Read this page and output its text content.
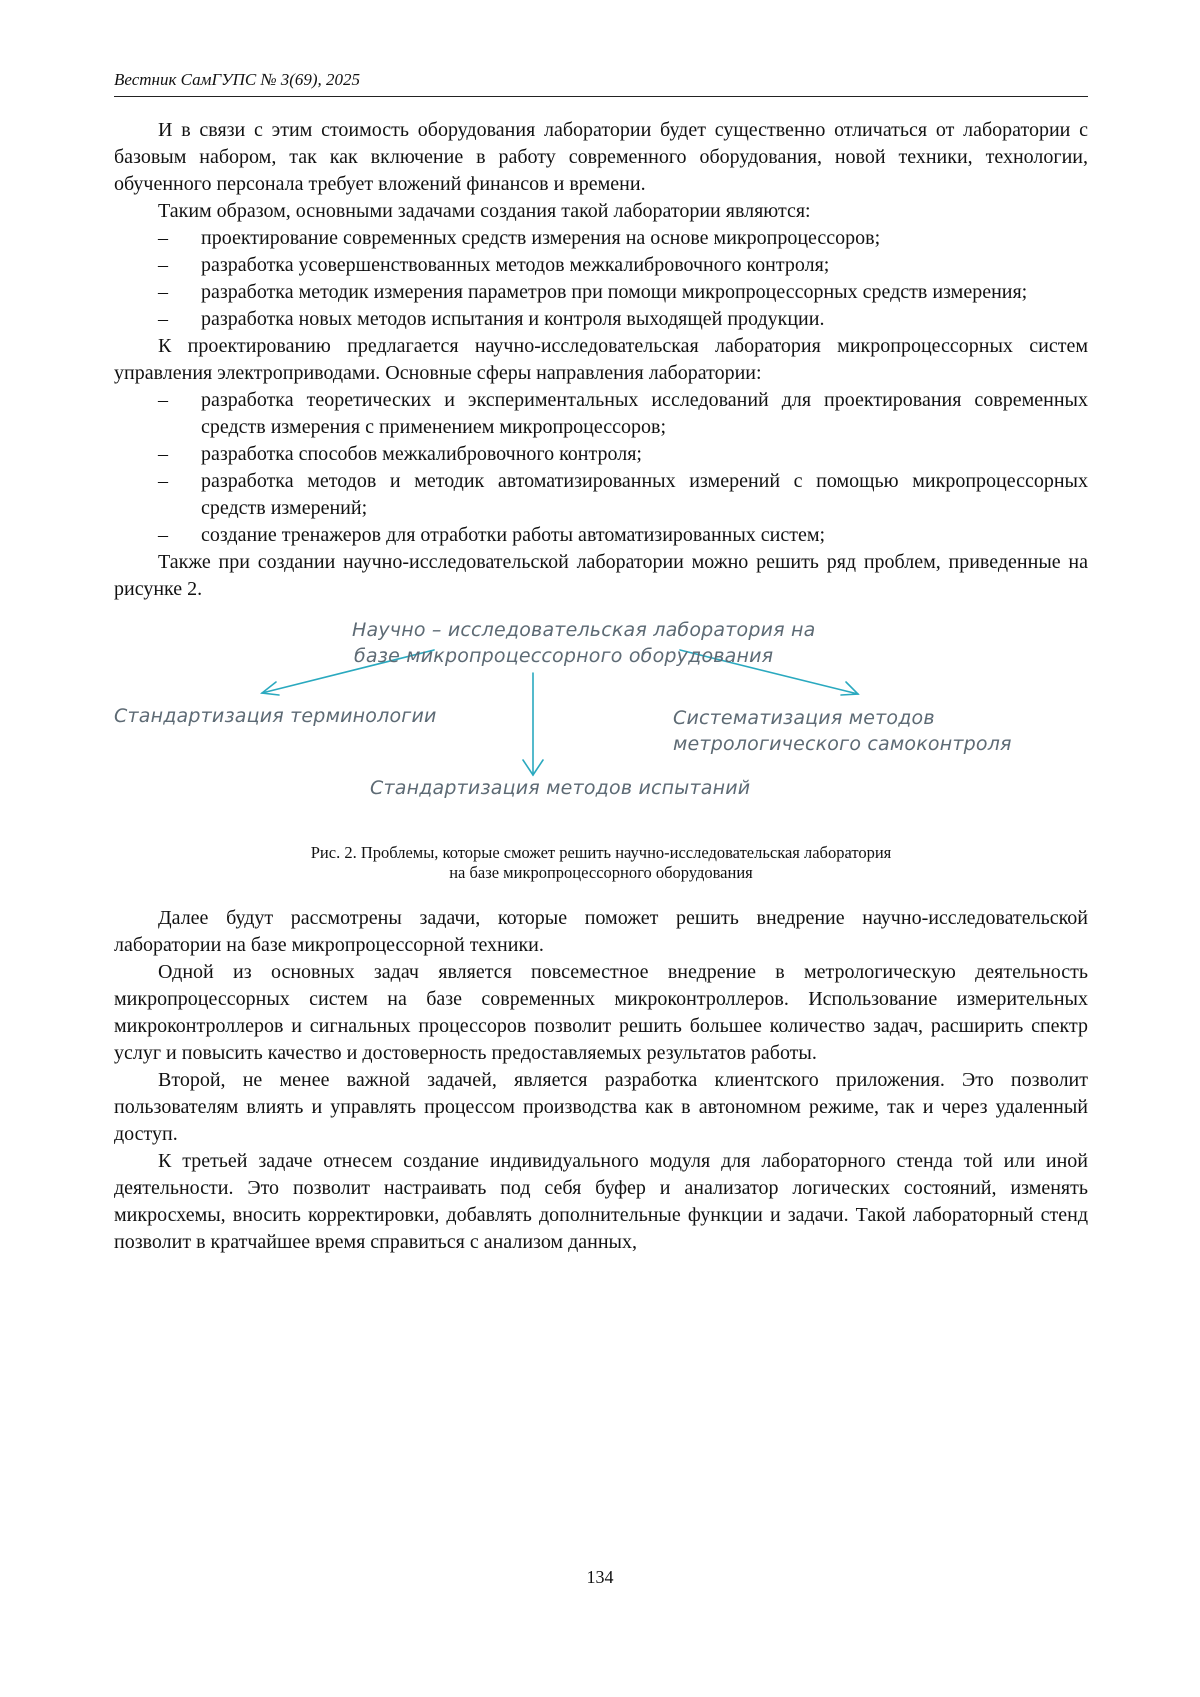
Вестник СамГУПС № 3(69), 2025

И в связи с этим стоимость оборудования лаборатории будет существенно отличаться от лаборатории с базовым набором, так как включение в работу современного оборудования, новой техники, технологии, обученного персонала требует вложений финансов и времени.

Таким образом, основными задачами создания такой лаборатории являются:

– проектирование современных средств измерения на основе микропроцессоров;
– разработка усовершенствованных методов межкалибровочного контроля;
– разработка методик измерения параметров при помощи микропроцессорных средств измерения;
– разработка новых методов испытания и контроля выходящей продукции.

К проектированию предлагается научно-исследовательская лаборатория микропроцессорных систем управления электроприводами. Основные сферы направления лаборатории:

– разработка теоретических и экспериментальных исследований для проектирования современных средств измерения с применением микропроцессоров;
– разработка способов межкалибровочного контроля;
– разработка методов и методик автоматизированных измерений с помощью микропроцессорных средств измерений;
– создание тренажеров для отработки работы автоматизированных систем;

Также при создании научно-исследовательской лаборатории можно решить ряд проблем, приведенные на рисунке 2.

Научно – исследовательская лаборатория на
базе микропроцессорного оборудования
Стандартизация терминологии	Систематизация методов
метрологического самоконтроля
Стандартизация методов испытаний
Рис. 2. Проблемы, которые сможет решить научно-исследовательская лаборатория
на базе микропроцессорного оборудования

Далее будут рассмотрены задачи, которые поможет решить внедрение научно-исследовательской лаборатории на базе микропроцессорной техники.

Одной из основных задач является повсеместное внедрение в метрологическую деятельность микропроцессорных систем на базе современных микроконтроллеров. Использование измерительных микроконтроллеров и сигнальных процессоров позволит решить большее количество задач, расширить спектр услуг и повысить качество и достоверность предоставляемых результатов работы.

Второй, не менее важной задачей, является разработка клиентского приложения. Это позволит пользователям влиять и управлять процессом производства как в автономном режиме, так и через удаленный доступ.

К третьей задаче отнесем создание индивидуального модуля для лабораторного стенда той или иной деятельности. Это позволит настраивать под себя буфер и анализатор логических состояний, изменять микросхемы, вносить корректировки, добавлять дополнительные функции и задачи. Такой лабораторный стенд позволит в кратчайшее время справиться с анализом данных,

134
